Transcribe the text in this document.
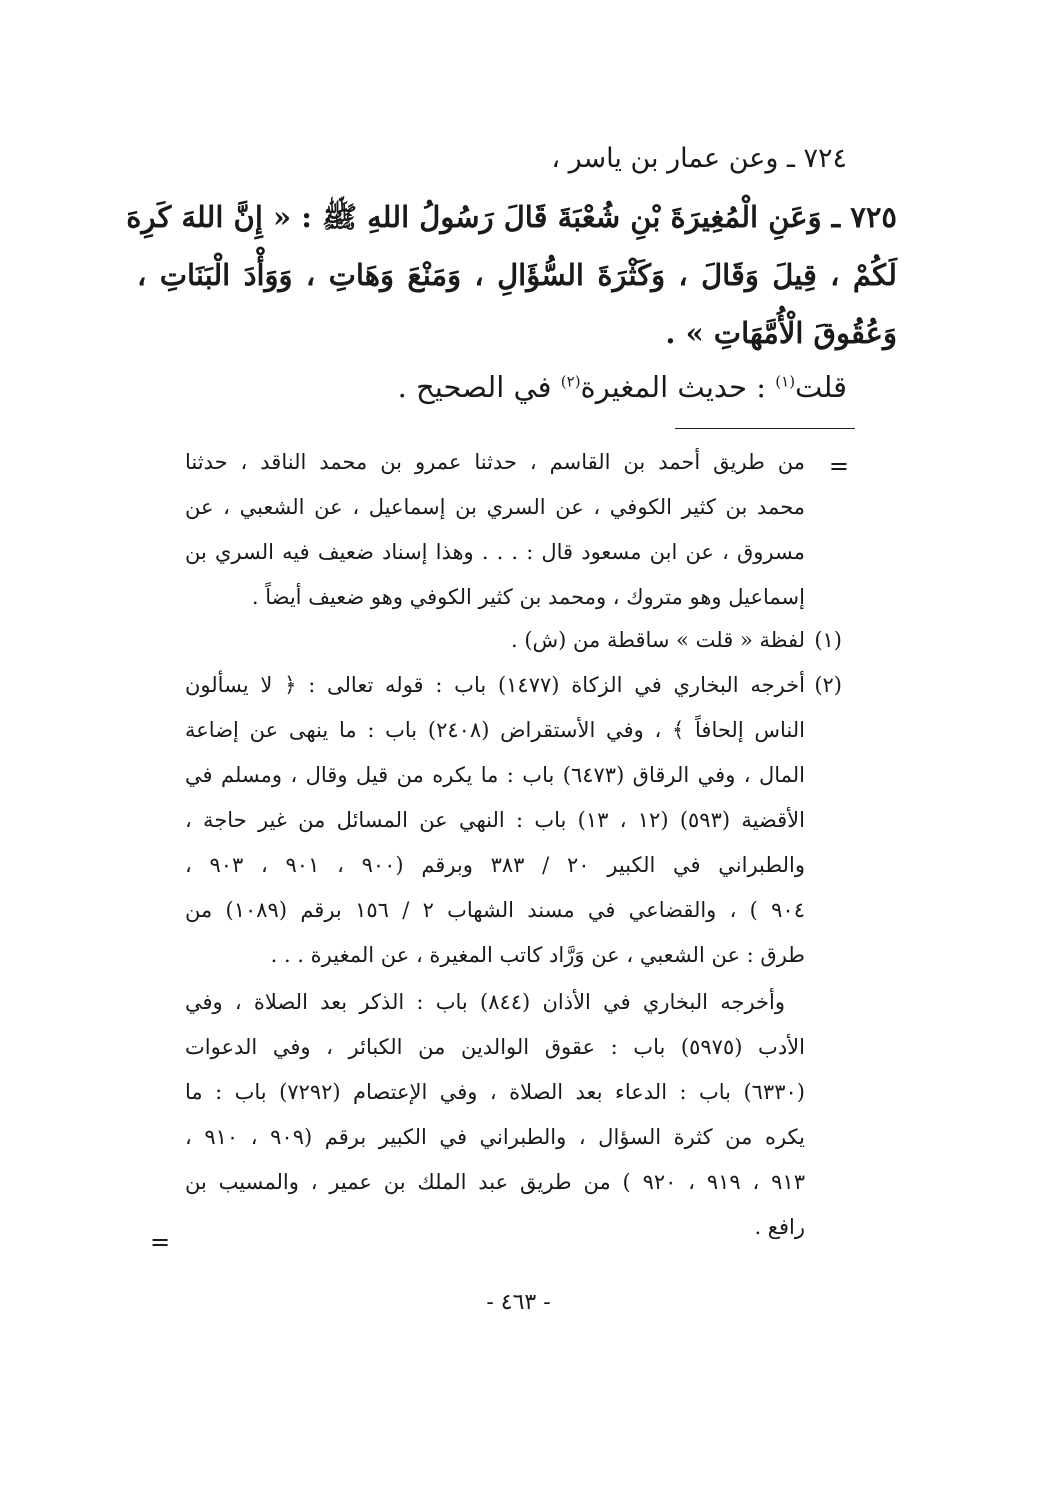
٧٢٤ ـ وعن عمار بن ياسر ،
٧٢٥ ـ وَعَنِ الْمُغِيرَةَ بْنِ شُعْبَةَ قَالَ رَسُولُ اللهِ ﷺ : « إِنَّ اللهَ كَرِهَ
لَكُمْ ، قِيلَ وَقَالَ ، وَكَثْرَةَ السُّؤَالِ ، وَمَنْعَ وَهَاتِ ، وَوَأْدَ الْبَنَاتِ ،
وَعُقُوقَ الْأُمَّهَاتِ » .
قلت$^{(١)}$ : حديث المغيرة$^{(٢)}$ في الصحيح .
=
من طريق أحمد بن القاسم ، حدثنا عمرو بن محمد الناقد ، حدثنا
محمد بن كثير الكوفي ، عن السري بن إسماعيل ، عن الشعبي ، عن
مسروق ، عن ابن مسعود قال : . . . وهذا إسناد ضعيف فيه السري بن
إسماعيل وهو متروك ، ومحمد بن كثير الكوفي وهو ضعيف أيضاً .
(١)
لفظة « قلت » ساقطة من (ش) .
(٢)
أخرجه البخاري في الزكاة (١٤٧٧) باب : قوله تعالى : ﴿ لا يسألون
الناس إلحافاً ﴾ ، وفي الأستقراض (٢٤٠٨) باب : ما ينهى عن إضاعة
المال ، وفي الرقاق (٦٤٧٣) باب : ما يكره من قيل وقال ، ومسلم في
الأقضية (٥٩٣) (١٢ ، ١٣) باب : النهي عن المسائل من غير حاجة ،
والطبراني في الكبير ٢٠ / ٣٨٣ وبرقم (٩٠٠ ، ٩٠١ ، ٩٠٣ ،
٩٠٤ ) ، والقضاعي في مسند الشهاب ٢ / ١٥٦ برقم (١٠٨٩) من
طرق : عن الشعبي ، عن وَرَّاد كاتب المغيرة ، عن المغيرة . . .
وأخرجه البخاري في الأذان (٨٤٤) باب : الذكر بعد الصلاة ، وفي
الأدب (٥٩٧٥) باب : عقوق الوالدين من الكبائر ، وفي الدعوات
(٦٣٣٠) باب : الدعاء بعد الصلاة ، وفي الإعتصام (٧٢٩٢) باب : ما
يكره من كثرة السؤال ، والطبراني في الكبير برقم (٩٠٩ ، ٩١٠ ،
٩١٣ ، ٩١٩ ، ٩٢٠ ) من طريق عبد الملك بن عمير ، والمسيب بن
رافع .
=
- ٤٦٣ -
